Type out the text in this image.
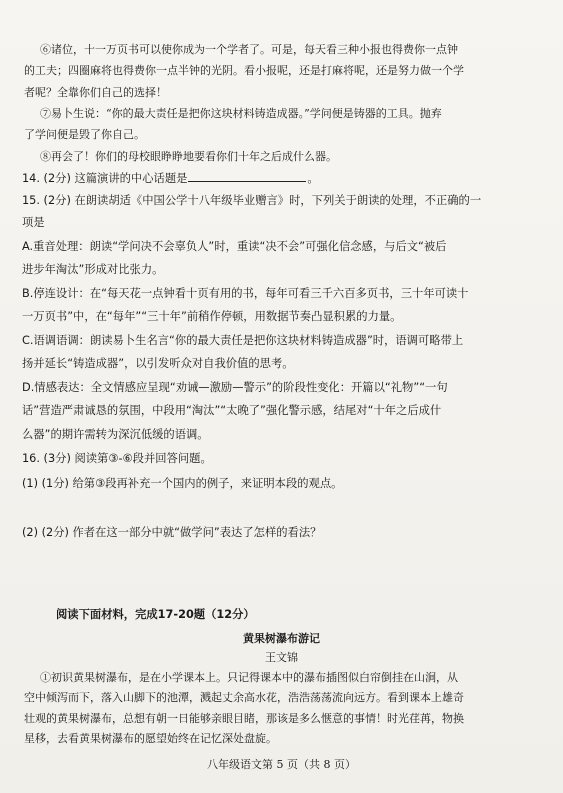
⑥诸位，十一万页书可以使你成为一个学者了。可是，每天看三种小报也得费你一点钟
的工夫；四圈麻将也得费你一点半钟的光阴。看小报呢，还是打麻将呢，还是努力做一个学
者呢？全靠你们自己的选择！
⑦易卜生说：“你的最大责任是把你这块材料铸造成器。”学问便是铸器的工具。抛弃
了学问便是毁了你自己。
⑧再会了！你们的母校眼睁睁地要看你们十年之后成什么器。
14. (2分) 这篇演讲的中心话题是	。
15. (2分) 在朗读胡适《中国公学十八年级毕业赠言》时，下列关于朗读的处理，不正确的一
项是
A.重音处理：朗读“学问决不会辜负人”时，重读“决不会”可强化信念感，与后文“被后
进步年淘汰”形成对比张力。
B.停连设计：在“每天花一点钟看十页有用的书，每年可看三千六百多页书，三十年可读十
一万页书”中，在“每年”“三十年”前稍作停顿，用数据节奏凸显积累的力量。
C.语调语调：朗读易卜生名言“你的最大责任是把你这块材料铸造成器”时，语调可略带上
扬并延长“铸造成器”，以引发听众对自我价值的思考。
D.情感表达：全文情感应呈现“劝诫—激励—警示”的阶段性变化：开篇以“礼物”“一句
话”营造严肃诚恳的氛围，中段用“淘汰”“太晚了”强化警示感，结尾对“十年之后成什
么器”的期许需转为深沉低缓的语调。
16. (3分) 阅读第③-⑥段并回答问题。
(1) (1分) 给第③段再补充一个国内的例子，来证明本段的观点。
(2) (2分) 作者在这一部分中就“做学问”表达了怎样的看法？
阅读下面材料，完成17-20题（12分）
黄果树瀑布游记
王文锦
①初识黄果树瀑布，是在小学课本上。只记得课本中的瀑布插图似白帘倒挂在山涧，从
空中倾泻而下，落入山脚下的池潭，溅起丈余高水花，浩浩荡荡流向远方。看到课本上雄奇
壮观的黄果树瀑布，总想有朝一日能够亲眼目睹，那该是多么惬意的事情！时光荏苒，物换
星移，去看黄果树瀑布的愿望始终在记忆深处盘旋。
八年级语文第 5 页（共 8 页）
